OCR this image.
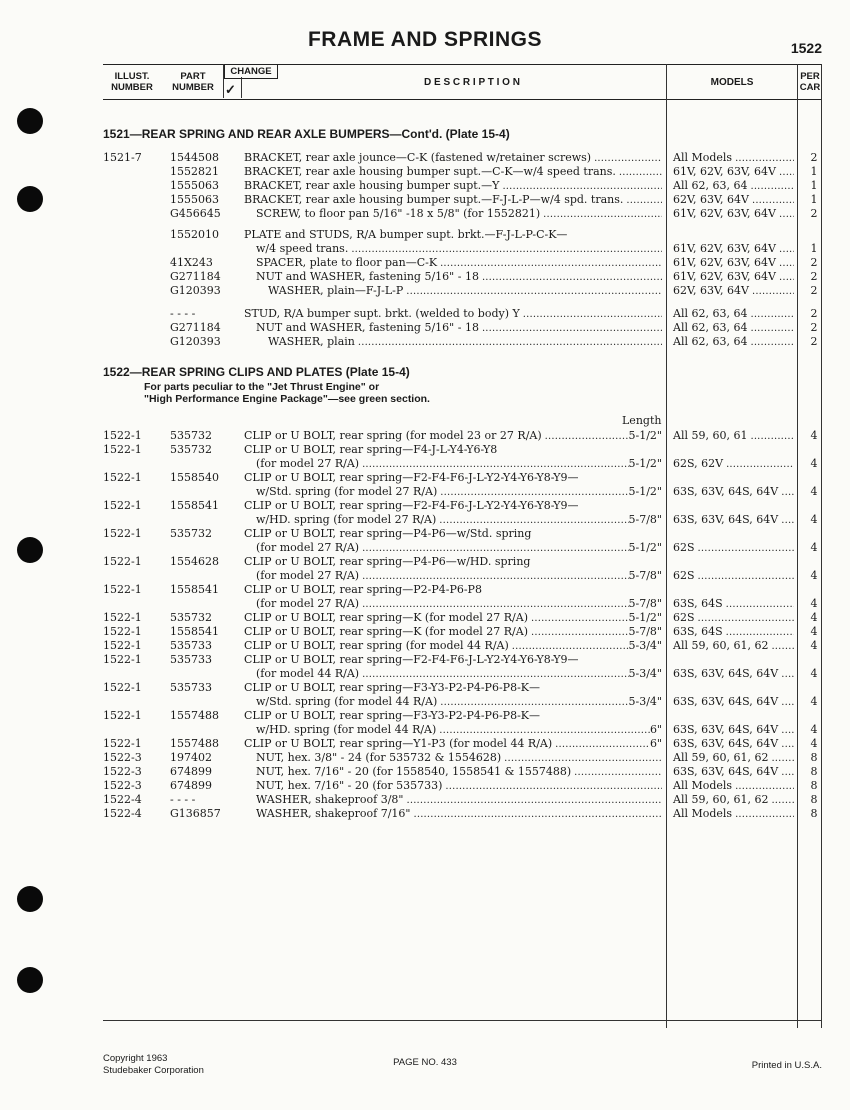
FRAME AND SPRINGS	1522
ILLUST.
NUMBER
PART
NUMBER	D E S C R I P T I O N	MODELS	PER
CAR
✓
CHANGE
1521—REAR SPRING AND REAR AXLE BUMPERS—Cont'd. (Plate 15-4)
1522—REAR SPRING CLIPS AND PLATES (Plate 15-4)
For parts peculiar to the "Jet Thrust Engine" or
"High Performance Engine Package"—see green section.
Length
1521-7	1544508 BRACKET, rear axle jounce—C-K (fastened w/retainer screws) . . .	All Models . . .	2
1552821 BRACKET, rear axle housing bumper supt.—C-K—w/4 speed trans. . . .	61V, 62V, 63V, 64V . . .	1
1555063 BRACKET, rear axle housing bumper supt.—Y . . .	All 62, 63, 64 . . .	1
1555063 BRACKET, rear axle housing bumper supt.—F-J-L-P—w/4 spd. trans. . . .	62V, 63V, 64V . . .	1
G456645	SCREW, to floor pan 5/16" -18 x 5/8" (for 1552821) . . .	61V, 62V, 63V, 64V . . .	2
1552010 PLATE and STUDS, R/A bumper supt. brkt.—F-J-L-P-C-K—
w/4 speed trans. . . .	61V, 62V, 63V, 64V . . .	1
41X243	SPACER, plate to floor pan—C-K . . .	61V, 62V, 63V, 64V . . .	2
G271184	NUT and WASHER, fastening 5/16" - 18 . . .	61V, 62V, 63V, 64V . . .	2
G120393	WASHER, plain—F-J-L-P . . .	62V, 63V, 64V . . .	2
- - - -	STUD, R/A bumper supt. brkt. (welded to body) Y . . .	All 62, 63, 64 . . .	2
G271184	NUT and WASHER, fastening 5/16" - 18 . . .	All 62, 63, 64 . . .	2
G120393	WASHER, plain . . .	All 62, 63, 64 . . .	2
1522-1	535732	CLIP or U BOLT, rear spring (for model 23 or 27 R/A) . . .	5-1/2" All 59, 60, 61 . . .	4
1522-1	535732	CLIP or U BOLT, rear spring—F4-J-L-Y4-Y6-Y8
(for model 27 R/A) . . .	5-1/2" 62S, 62V . . .	4
1522-1	1558540 CLIP or U BOLT, rear spring—F2-F4-F6-J-L-Y2-Y4-Y6-Y8-Y9—
w/Std. spring (for model 27 R/A) . . .	5-1/2" 63S, 63V, 64S, 64V . . .	4
1522-1	1558541 CLIP or U BOLT, rear spring—F2-F4-F6-J-L-Y2-Y4-Y6-Y8-Y9—
w/HD. spring (for model 27 R/A) . . .	5-7/8" 63S, 63V, 64S, 64V . . .	4
1522-1	535732	CLIP or U BOLT, rear spring—P4-P6—w/Std. spring
(for model 27 R/A) . . .	5-1/2" 62S . . .	4
1522-1	1554628 CLIP or U BOLT, rear spring—P4-P6—w/HD. spring
(for model 27 R/A) . . .	5-7/8" 62S . . .	4
1522-1	1558541 CLIP or U BOLT, rear spring—P2-P4-P6-P8
(for model 27 R/A) . . .	5-7/8" 63S, 64S . . .	4
1522-1	535732	CLIP or U BOLT, rear spring—K (for model 27 R/A) . . .	5-1/2" 62S . . .	4
1522-1	1558541 CLIP or U BOLT, rear spring—K (for model 27 R/A) . . .	5-7/8" 63S, 64S . . .	4
1522-1	535733	CLIP or U BOLT, rear spring (for model 44 R/A) . . .	5-3/4" All 59, 60, 61, 62 . . .	4
1522-1	535733	CLIP or U BOLT, rear spring—F2-F4-F6-J-L-Y2-Y4-Y6-Y8-Y9—
(for model 44 R/A) . . .	5-3/4" 63S, 63V, 64S, 64V . . .	4
1522-1	535733	CLIP or U BOLT, rear spring—F3-Y3-P2-P4-P6-P8-K—
w/Std. spring (for model 44 R/A) . . .	5-3/4" 63S, 63V, 64S, 64V . . .	4
1522-1	1557488 CLIP or U BOLT, rear spring—F3-Y3-P2-P4-P6-P8-K—
w/HD. spring (for model 44 R/A) . . .	6" 63S, 63V, 64S, 64V . . .	4
1522-1	1557488 CLIP or U BOLT, rear spring—Y1-P3 (for model 44 R/A) . . .	6" 63S, 63V, 64S, 64V . . .	4
1522-3	197402	NUT, hex. 3/8" - 24 (for 535732 & 1554628) . . .	All 59, 60, 61, 62 . . .	8
1522-3	674899	NUT, hex. 7/16" - 20 (for 1558540, 1558541 & 1557488) . . .	63S, 63V, 64S, 64V . . .	8
1522-3	674899	NUT, hex. 7/16" - 20 (for 535733) . . .	All Models . . .	8
1522-4	- - - -	WASHER, shakeproof 3/8" . . .	All 59, 60, 61, 62 . . .	8
1522-4	G136857	WASHER, shakeproof 7/16" . . .	All Models . . .	8
Copyright 1963
Studebaker Corporation
PAGE NO. 433	Printed in U.S.A.
